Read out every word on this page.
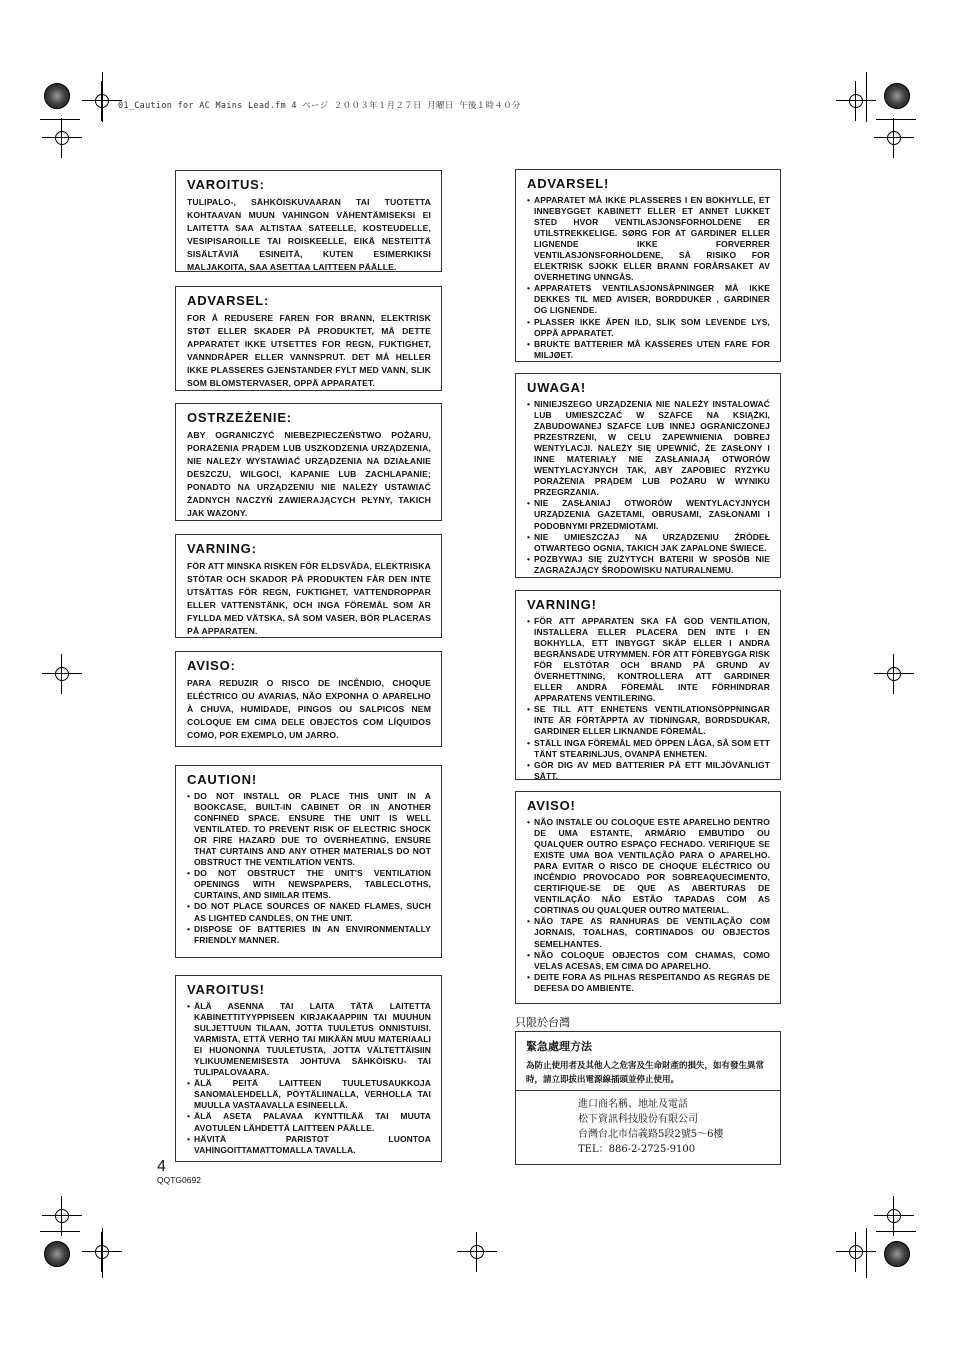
01_Caution for AC Mains Lead.fm 4 ページ ２００３年１月２７日 月曜日 午後１時４０分
VAROITUS:

TULIPALO-, SÄHKÖISKUVAARAN TAI TUOTETTA KOHTAAVAN MUUN VAHINGON VÄHENTÄMISEKSI EI LAITETTA SAA ALTISTAA SATEELLE, KOSTEUDELLE, VESIPISAROILLE TAI ROISKEELLE, EIKÄ NESTEITTÄ SISÄLTÄVIÄ ESINEITÄ, KUTEN ESIMERKIKSI MALJAKOITA, SAA ASETTAA LAITTEEN PÄÄLLE.

ADVARSEL:

FOR Å REDUSERE FAREN FOR BRANN, ELEKTRISK STØT ELLER SKADER PÅ PRODUKTET, MÅ DETTE APPARATET IKKE UTSETTES FOR REGN, FUKTIGHET, VANNDRÅPER ELLER VANNSPRUT. DET MÅ HELLER IKKE PLASSERES GJENSTANDER FYLT MED VANN, SLIK SOM BLOMSTERVASER, OPPÅ APPARATET.

OSTRZEŻENIE:

ABY OGRANICZYĆ NIEBEZPIECZEŃSTWO POŻARU, PORAŻENIA PRĄDEM LUB USZKODZENIA URZĄDZENIA, NIE NALEŻY WYSTAWIAĆ URZĄDZENIA NA DZIAŁANIE DESZCZU, WILGOCI, KAPANIE LUB ZACHLAPANIE; PONADTO NA URZĄDZENIU NIE NALEŻY USTAWIAĆ ŻADNYCH NACZYŃ ZAWIERAJĄCYCH PŁYNY, TAKICH JAK WAZONY.

VARNING:

FÖR ATT MINSKA RISKEN FÖR ELDSVÅDA, ELEKTRISKA STÖTAR OCH SKADOR PÅ PRODUKTEN FÅR DEN INTE UTSÄTTAS FÖR REGN, FUKTIGHET, VATTENDROPPAR ELLER VATTENSTÄNK, OCH INGA FÖREMÅL SOM ÄR FYLLDA MED VÄTSKA, SÅ SOM VASER, BÖR PLACERAS PÅ APPARATEN.

AVISO:

PARA REDUZIR O RISCO DE INCÊNDIO, CHOQUE ELÉCTRICO OU AVARIAS, NÃO EXPONHA O APARELHO À CHUVA, HUMIDADE, PINGOS OU SALPICOS NEM COLOQUE EM CIMA DELE OBJECTOS COM LÍQUIDOS COMO, POR EXEMPLO, UM JARRO.

CAUTION!
• DO NOT INSTALL OR PLACE THIS UNIT IN A BOOKCASE, BUILT-IN CABINET OR IN ANOTHER CONFINED SPACE. ENSURE THE UNIT IS WELL VENTILATED. TO PREVENT RISK OF ELECTRIC SHOCK OR FIRE HAZARD DUE TO OVERHEATING, ENSURE THAT CURTAINS AND ANY OTHER MATERIALS DO NOT OBSTRUCT THE VENTILATION VENTS.
• DO NOT OBSTRUCT THE UNIT'S VENTILATION OPENINGS WITH NEWSPAPERS, TABLECLOTHS, CURTAINS, AND SIMILAR ITEMS.
• DO NOT PLACE SOURCES OF NAKED FLAMES, SUCH AS LIGHTED CANDLES, ON THE UNIT.
• DISPOSE OF BATTERIES IN AN ENVIRONMENTALLY FRIENDLY MANNER.
VAROITUS!
• ÄLÄ ASENNA TAI LAITA TÄTÄ LAITETTA KABINETTITYYPPISEEN KIRJAKAAPPIIN TAI MUUHUN SULJETTUUN TILAAN, JOTTA TUULETUS ONNISTUISI. VARMISTA, ETTÄ VERHO TAI MIKÄÄN MUU MATERIAALI EI HUONONNA TUULETUSTA, JOTTA VÄLTETTÄISIIN YLIKUUMENEMISESTA JOHTUVA SÄHKÖISKU- TAI TULIPALOVAARA.
• ÄLÄ PEITÄ LAITTEEN TUULETUSAUKKOJA SANOMALEHDELLÄ, PÖYTÄLIINALLA, VERHOLLA TAI MUULLA VASTAAVALLA ESINEELLÄ.
• ÄLÄ ASETA PALAVAA KYNTTILÄÄ TAI MUUTA AVOTULEN LÄHDETTÄ LAITTEEN PÄÄLLE.
• HÄVITÄ PARISTOT LUONTOA VAHINGOITTAMATTOMALLA TAVALLA.
ADVARSEL!
• APPARATET MÅ IKKE PLASSERES I EN BOKHYLLE, ET INNEBYGGET KABINETT ELLER ET ANNET LUKKET STED HVOR VENTILASJONSFORHOLDENE ER UTILSTREKKELIGE. SØRG FOR AT GARDINER ELLER LIGNENDE IKKE FORVERRER VENTILASJONSFORHOLDENE, SÅ RISIKO FOR ELEKTRISK SJOKK ELLER BRANN FORÅRSAKET AV OVERHETING UNNGÅS.
• APPARATETS VENTILASJONSÅPNINGER MÅ IKKE DEKKES TIL MED AVISER, BORDDUKER , GARDINER OG LIGNENDE.
• PLASSER IKKE ÅPEN ILD, SLIK SOM LEVENDE LYS, OPPÅ APPARATET.
• BRUKTE BATTERIER MÅ KASSERES UTEN FARE FOR MILJØET.
UWAGA!
• NINIEJSZEGO URZĄDZENIA NIE NALEŻY INSTALOWAĆ LUB UMIESZCZAĆ W SZAFCE NA KSIĄŻKI, ZABUDOWANEJ SZAFCE LUB INNEJ OGRANICZONEJ PRZESTRZENI, W CELU ZAPEWNIENIA DOBREJ WENTYLACJI. NALEŻY SIĘ UPEWNIĆ, ŻE ZASŁONY I INNE MATERIAŁY NIE ZASŁANIAJĄ OTWORÓW WENTYLACYJNYCH TAK, ABY ZAPOBIEC RYZYKU PORAŻENIA PRĄDEM LUB POŻARU W WYNIKU PRZEGRZANIA.
• NIE ZASŁANIAJ OTWORÓW WENTYLACYJNYCH URZĄDZENIA GAZETAMI, OBRUSAMI, ZASŁONAMI I PODOBNYMI PRZEDMIOTAMI.
• NIE UMIESZCZAJ NA URZĄDZENIU ŹRÓDEŁ OTWARTEGO OGNIA, TAKICH JAK ZAPALONE ŚWIECE.
• POZBYWAJ SIĘ ZUŻYTYCH BATERII W SPOSÓB NIE ZAGRAŻAJĄCY ŚRODOWISKU NATURALNEMU.
VARNING!
• FÖR ATT APPARATEN SKA FÅ GOD VENTILATION, INSTALLERA ELLER PLACERA DEN INTE I EN BOKHYLLA, ETT INBYGGT SKÅP ELLER I ANDRA BEGRÄNSADE UTRYMMEN. FÖR ATT FÖREBYGGA RISK FÖR ELSTÖTAR OCH BRAND PÅ GRUND AV ÖVERHETTNING, KONTROLLERA ATT GARDINER ELLER ANDRA FÖREMÅL INTE FÖRHINDRAR APPARATENS VENTILERING.
• SE TILL ATT ENHETENS VENTILATIONSÖPPNINGAR INTE ÄR FÖRTÄPPTA AV TIDNINGAR, BORDSDUKAR, GARDINER ELLER LIKNANDE FÖREMÅL.
• STÄLL INGA FÖREMÅL MED ÖPPEN LÅGA, SÅ SOM ETT TÄNT STEARINLJUS, OVANPÅ ENHETEN.
• GÖR DIG AV MED BATTERIER PÅ ETT MILJÖVÄNLIGT SÄTT.
AVISO!
• NÃO INSTALE OU COLOQUE ESTE APARELHO DENTRO DE UMA ESTANTE, ARMÁRIO EMBUTIDO OU QUALQUER OUTRO ESPAÇO FECHADO. VERIFIQUE SE EXISTE UMA BOA VENTILAÇÃO PARA O APARELHO. PARA EVITAR O RISCO DE CHOQUE ELÉCTRICO OU INCÊNDIO PROVOCADO POR SOBREAQUECIMENTO, CERTIFIQUE-SE DE QUE AS ABERTURAS DE VENTILAÇÃO NÃO ESTÃO TAPADAS COM AS CORTINAS OU QUALQUER OUTRO MATERIAL.
• NÃO TAPE AS RANHURAS DE VENTILAÇÃO COM JORNAIS, TOALHAS, CORTINADOS OU OBJECTOS SEMELHANTES.
• NÃO COLOQUE OBJECTOS COM CHAMAS, COMO VELAS ACESAS, EM CIMA DO APARELHO.
• DEITE FORA AS PILHAS RESPEITANDO AS REGRAS DE DEFESA DO AMBIENTE.
只限於台灣
緊急處理方法

為防止使用者及其他人之危害及生命財產的損失，如有發生異常時，請立即拔出電源線插頭並停止使用。

進口商名稱、地址及電話
松下資訊科技股份有限公司
台灣台北市信義路5段2號5～6樓
TEL：886-2-2725-9100
4
QQTG0692
